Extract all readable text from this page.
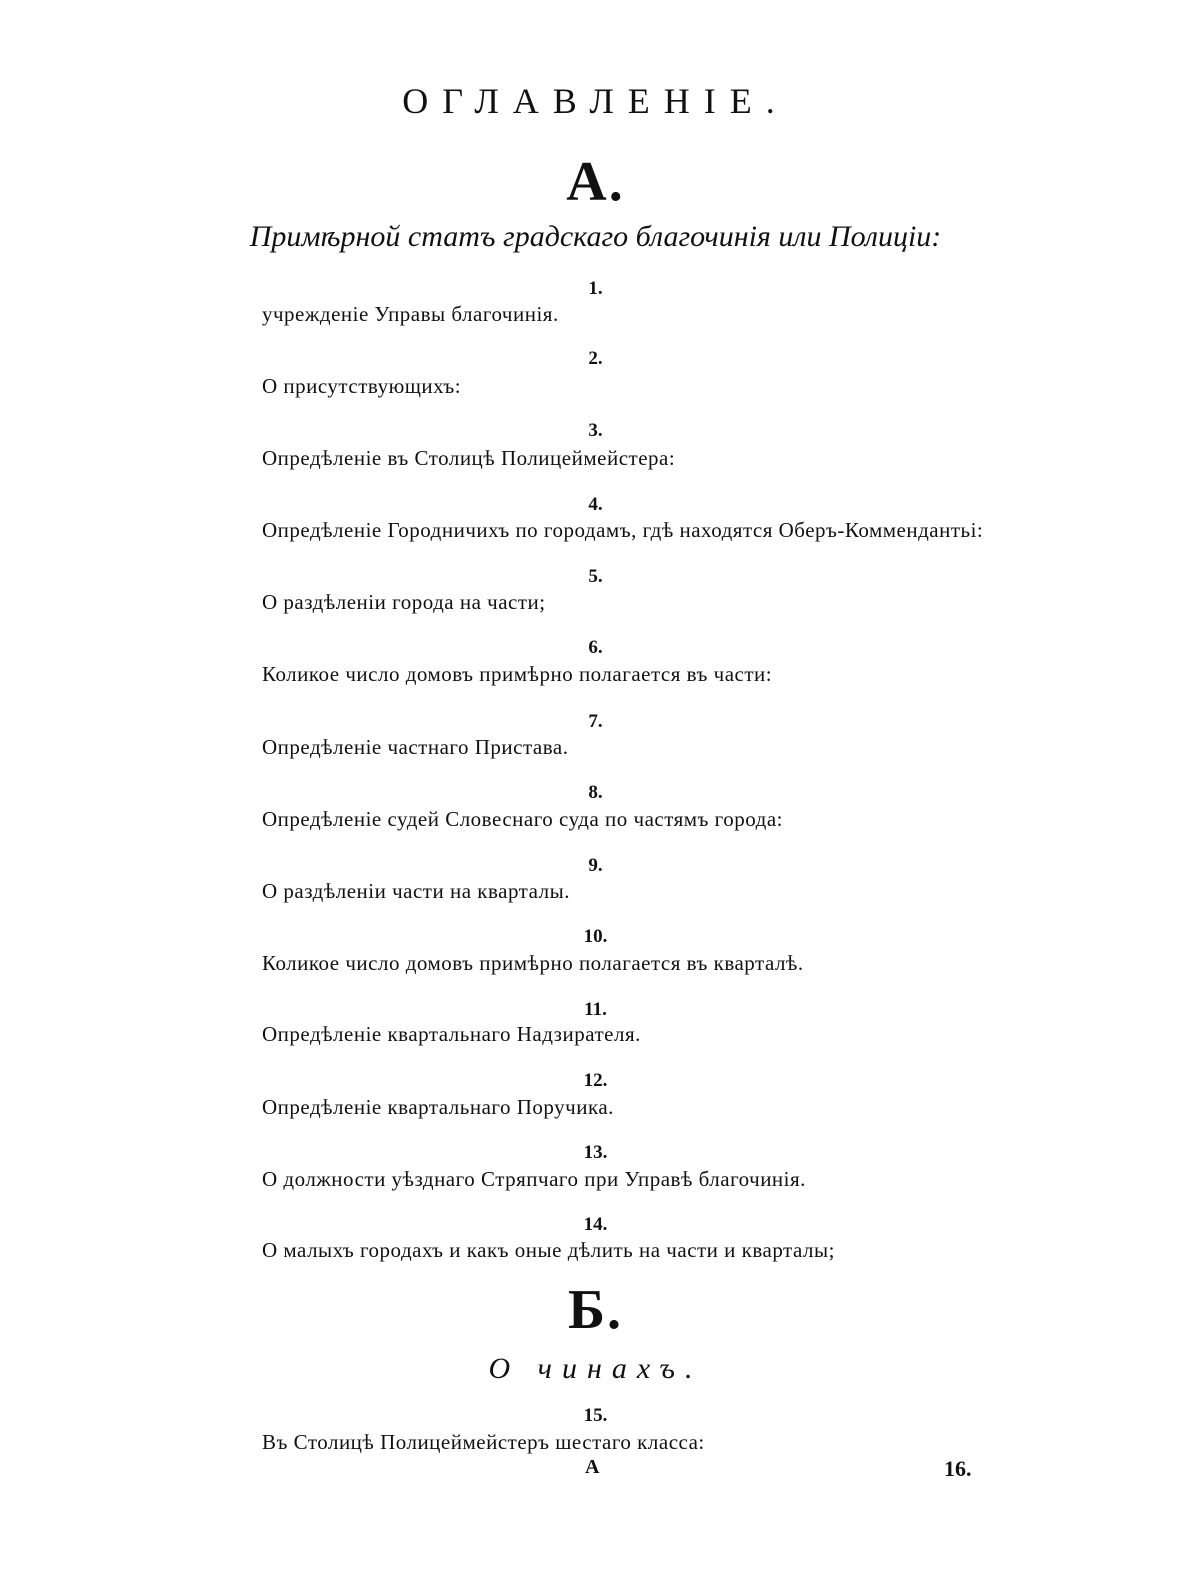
ОГЛАВЛЕНІЕ.
А.
Примѣрной статъ градскаго благочинія или Полиціи:
1.
учрежденіе Управы благочинія.
2.
О присутствующихъ:
3.
Опредѣленіе въ Столицѣ Полицеймейстера:
4.
Опредѣленіе Городничихъ по городамъ, гдѣ находятся Оберъ-Коммендантьі:
5.
О раздѣленіи города на части;
6.
Коликое число домовъ примѣрно полагается въ части:
7.
Опредѣленіе частнаго Пристава.
8.
Опредѣленіе судей Словеснаго суда по частямъ города:
9.
О раздѣленіи части на кварталы.
10.
Коликое число домовъ примѣрно полагается въ кварталѣ.
11.
Опредѣленіе квартальнаго Надзирателя.
12.
Опредѣленіе квартальнаго Поручика.
13.
О должности уѣзднаго Стряпчаго при Управѣ благочинія.
14.
О малыхъ городахъ и какъ оные дѣлить на части и кварталы;
Б.
О чинахъ.
15.
Въ Столицѣ Полицеймейстеръ шестаго класса:
А	16.
